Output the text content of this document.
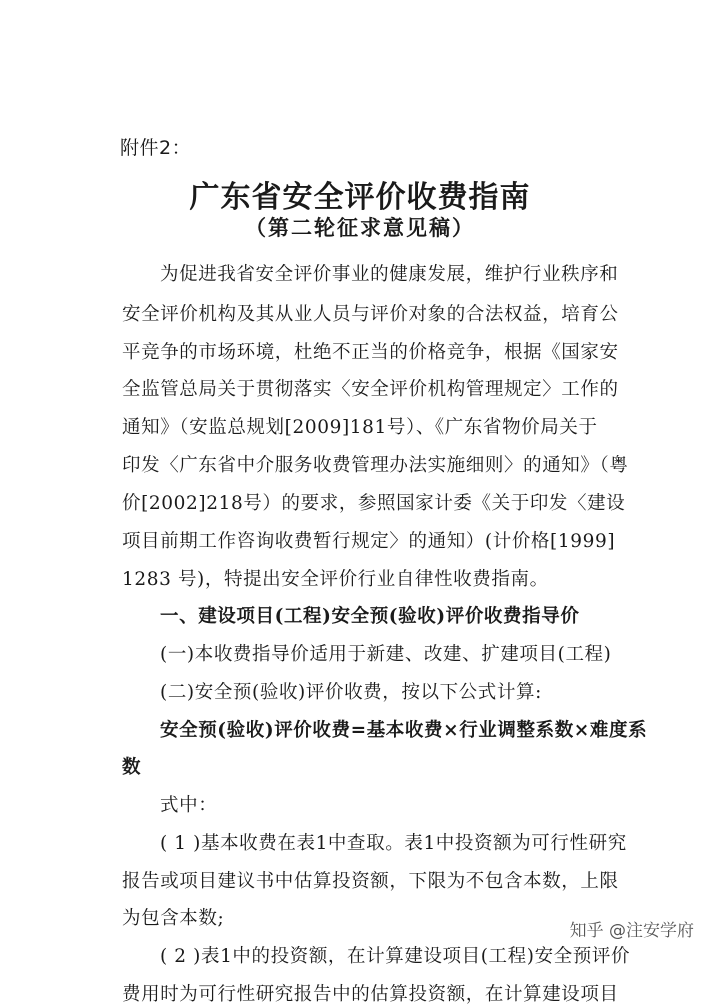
附件2：
广东省安全评价收费指南
（第二轮征求意见稿）
为促进我省安全评价事业的健康发展，维护行业秩序和
安全评价机构及其从业人员与评价对象的合法权益，培育公
平竞争的市场环境，杜绝不正当的价格竞争，根据《国家安
全监管总局关于贯彻落实〈安全评价机构管理规定〉工作的
通知》（安监总规划[2009]181号）、《广东省物价局关于
印发〈广东省中介服务收费管理办法实施细则〉的通知》（粤
价[2002]218号）的要求，参照国家计委《关于印发〈建设
项目前期工作咨询收费暂行规定〉的通知）(计价格[1999]
1283 号)，特提出安全评价行业自律性收费指南。
一、建设项目(工程)安全预(验收)评价收费指导价
(一)本收费指导价适用于新建、改建、扩建项目(工程)
(二)安全预(验收)评价收费，按以下公式计算:
安全预(验收)评价收费=基本收费×行业调整系数×难度系
数
式中：
( 1 )基本收费在表1中查取。表1中投资额为可行性研究
报告或项目建议书中估算投资额，下限为不包含本数，上限
为包含本数;
( 2 )表1中的投资额，在计算建设项目(工程)安全预评价
费用时为可行性研究报告中的估算投资额，在计算建设项目
知乎 @注安学府
